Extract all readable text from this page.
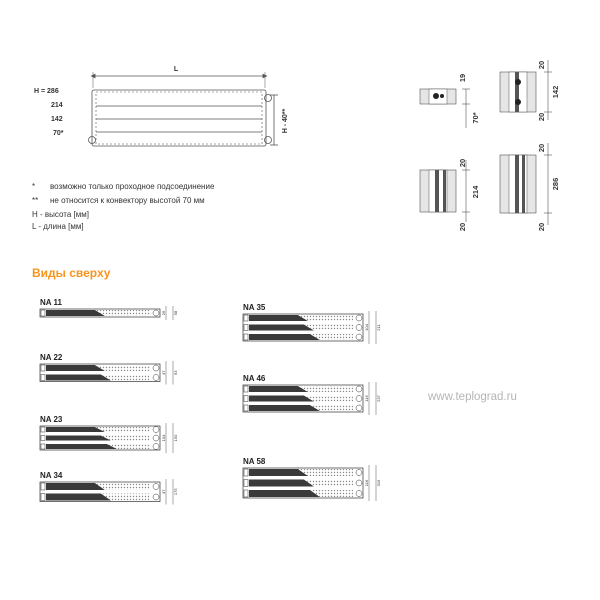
L
H = 286
214
142
70*
H - 40**
19
70*
20
142
20
20
214
20
20
286
20
NA 11
26 58
NA 22
47 93
NA 23
104 150
NA 34
47 175
NA 35
104 211
NA 46
116 237
NA 58
116 319
* возможно только проходное подсоединение
** не относится к конвектору высотой 70 мм
H - высота [мм]
L - длина [мм]
Виды сверху
www.teplograd.ru
